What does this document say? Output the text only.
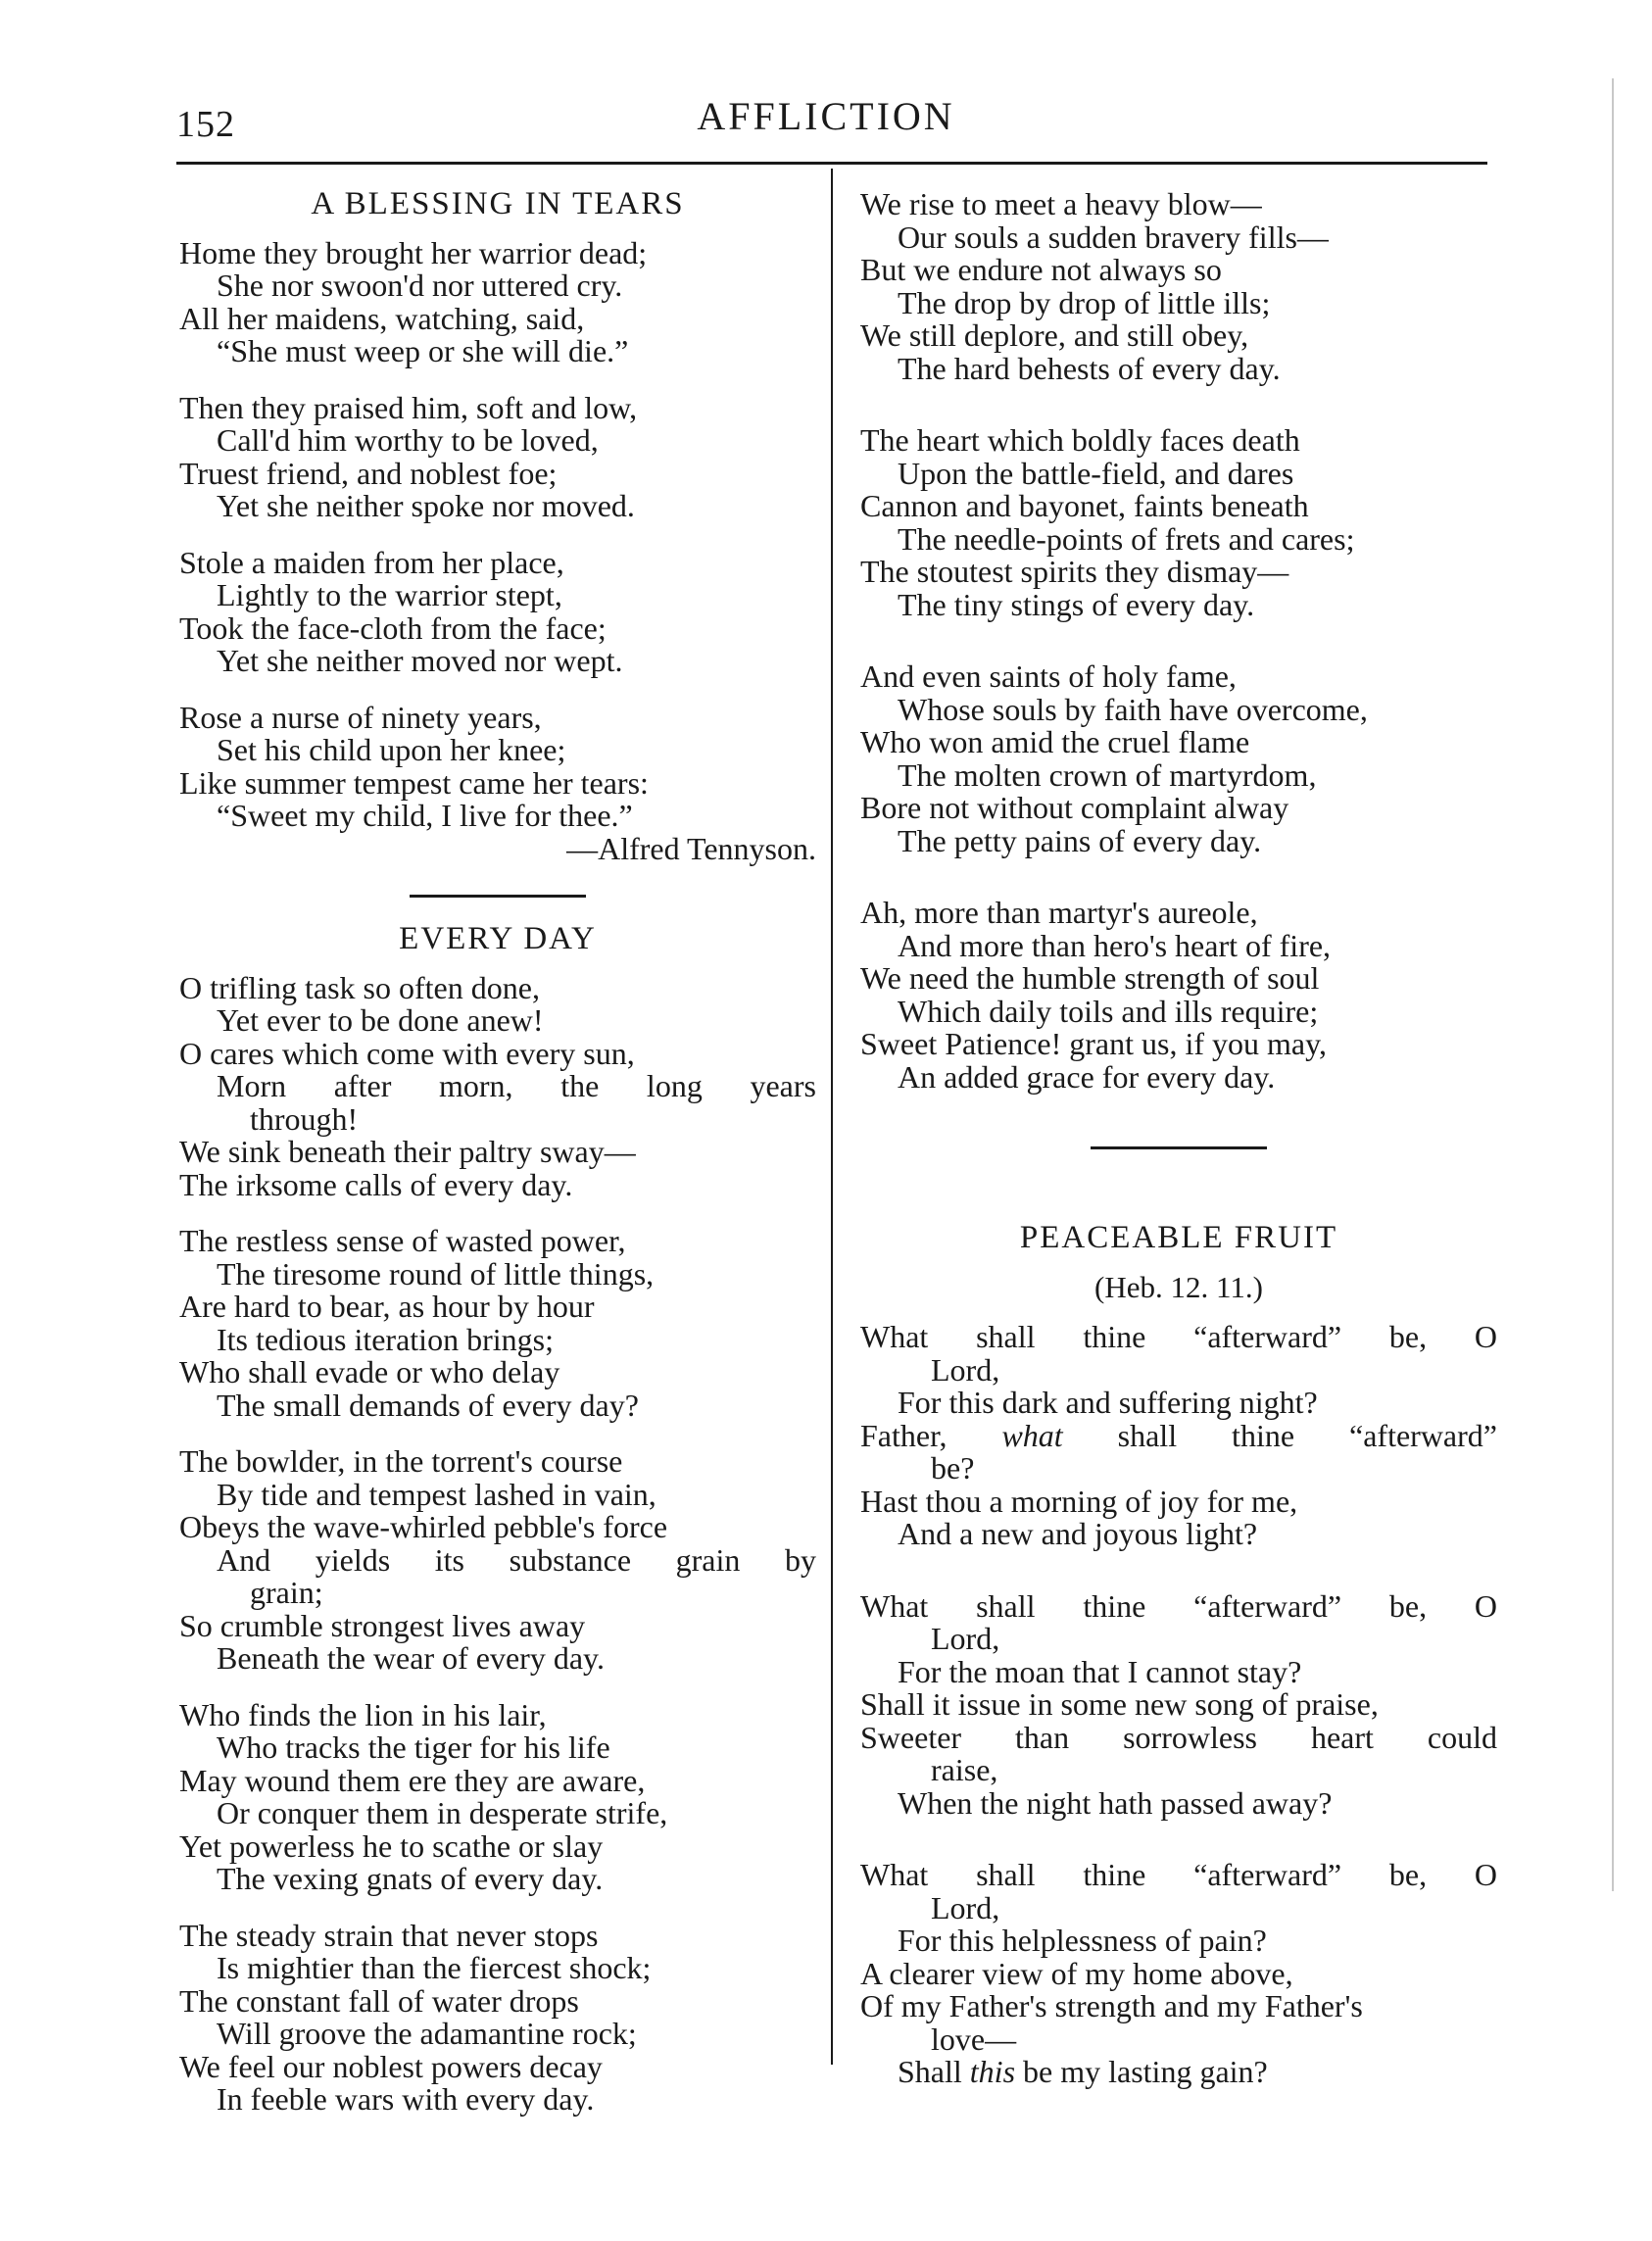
152	AFFLICTION
A BLESSING IN TEARS
Home they brought her warrior dead;
She nor swoon'd nor uttered cry.
All her maidens, watching, said,
“She must weep or she will die.”
Then they praised him, soft and low,
Call'd him worthy to be loved,
Truest friend, and noblest foe;
Yet she neither spoke nor moved.
Stole a maiden from her place,
Lightly to the warrior stept,
Took the face-cloth from the face;
Yet she neither moved nor wept.
Rose a nurse of ninety years,
Set his child upon her knee;
Like summer tempest came her tears:
“Sweet my child, I live for thee.”
—Alfred Tennyson.
EVERY DAY
O trifling task so often done,
Yet ever to be done anew!
O cares which come with every sun,
Morn after morn, the long years
through!
We sink beneath their paltry sway—
The irksome calls of every day.
The restless sense of wasted power,
The tiresome round of little things,
Are hard to bear, as hour by hour
Its tedious iteration brings;
Who shall evade or who delay
The small demands of every day?
The bowlder, in the torrent's course
By tide and tempest lashed in vain,
Obeys the wave-whirled pebble's force
And yields its substance grain by
grain;
So crumble strongest lives away
Beneath the wear of every day.
Who finds the lion in his lair,
Who tracks the tiger for his life
May wound them ere they are aware,
Or conquer them in desperate strife,
Yet powerless he to scathe or slay
The vexing gnats of every day.
The steady strain that never stops
Is mightier than the fiercest shock;
The constant fall of water drops
Will groove the adamantine rock;
We feel our noblest powers decay
In feeble wars with every day.
We rise to meet a heavy blow—
Our souls a sudden bravery fills—
But we endure not always so
The drop by drop of little ills;
We still deplore, and still obey,
The hard behests of every day.
The heart which boldly faces death
Upon the battle-field, and dares
Cannon and bayonet, faints beneath
The needle-points of frets and cares;
The stoutest spirits they dismay—
The tiny stings of every day.
And even saints of holy fame,
Whose souls by faith have overcome,
Who won amid the cruel flame
The molten crown of martyrdom,
Bore not without complaint alway
The petty pains of every day.
Ah, more than martyr's aureole,
And more than hero's heart of fire,
We need the humble strength of soul
Which daily toils and ills require;
Sweet Patience! grant us, if you may,
An added grace for every day.
PEACEABLE FRUIT
(Heb. 12. 11.)
What shall thine “afterward” be, O
Lord,
For this dark and suffering night?
Father, what shall thine “afterward”
be?
Hast thou a morning of joy for me,
And a new and joyous light?
What shall thine “afterward” be, O
Lord,
For the moan that I cannot stay?
Shall it issue in some new song of praise,
Sweeter than sorrowless heart could
raise,
When the night hath passed away?
What shall thine “afterward” be, O
Lord,
For this helplessness of pain?
A clearer view of my home above,
Of my Father's strength and my Father's
love—
Shall this be my lasting gain?
